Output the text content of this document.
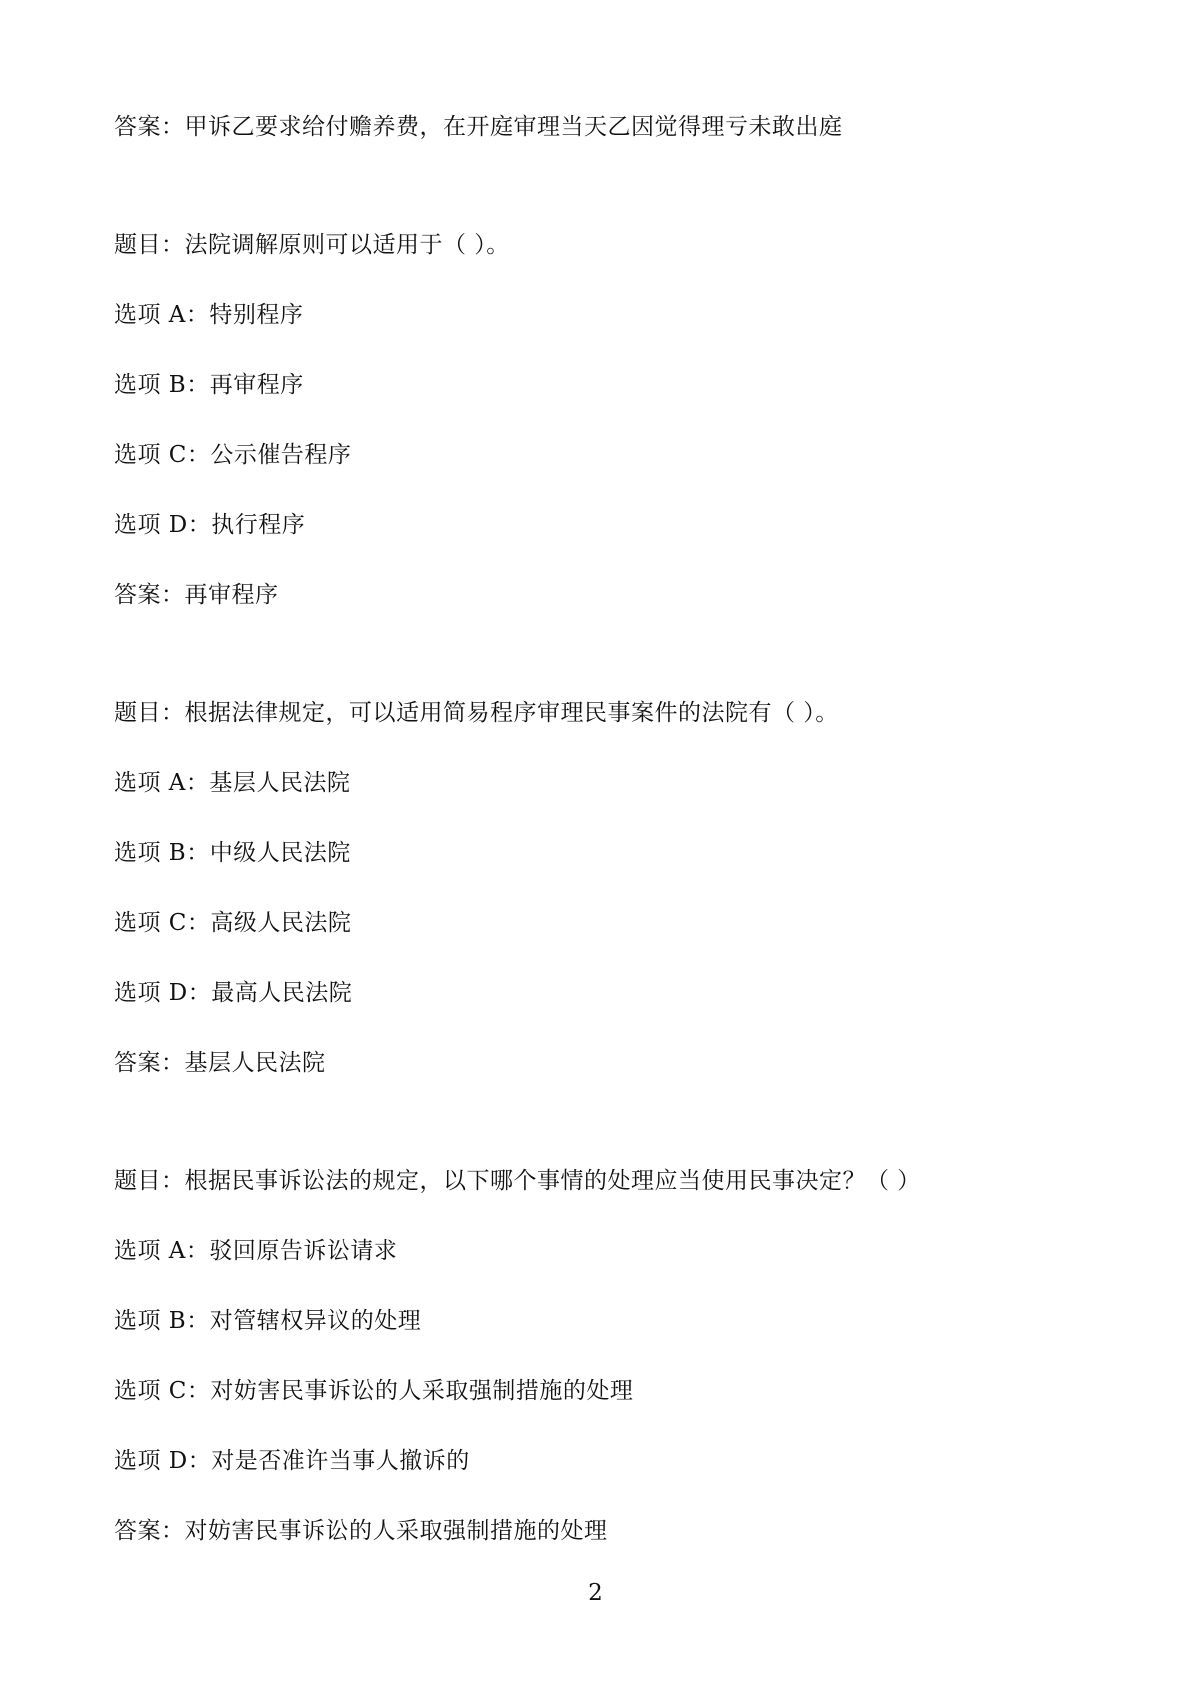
答案：甲诉乙要求给付赡养费，在开庭审理当天乙因觉得理亏未敢出庭
题目：法院调解原则可以适用于（ ）。
选项 A：特别程序
选项 B：再审程序
选项 C：公示催告程序
选项 D：执行程序
答案：再审程序
题目：根据法律规定，可以适用简易程序审理民事案件的法院有（ ）。
选项 A：基层人民法院
选项 B：中级人民法院
选项 C：高级人民法院
选项 D：最高人民法院
答案：基层人民法院
题目：根据民事诉讼法的规定，以下哪个事情的处理应当使用民事决定？（ ）
选项 A：驳回原告诉讼请求
选项 B：对管辖权异议的处理
选项 C：对妨害民事诉讼的人采取强制措施的处理
选项 D：对是否准许当事人撤诉的
答案：对妨害民事诉讼的人采取强制措施的处理
2
